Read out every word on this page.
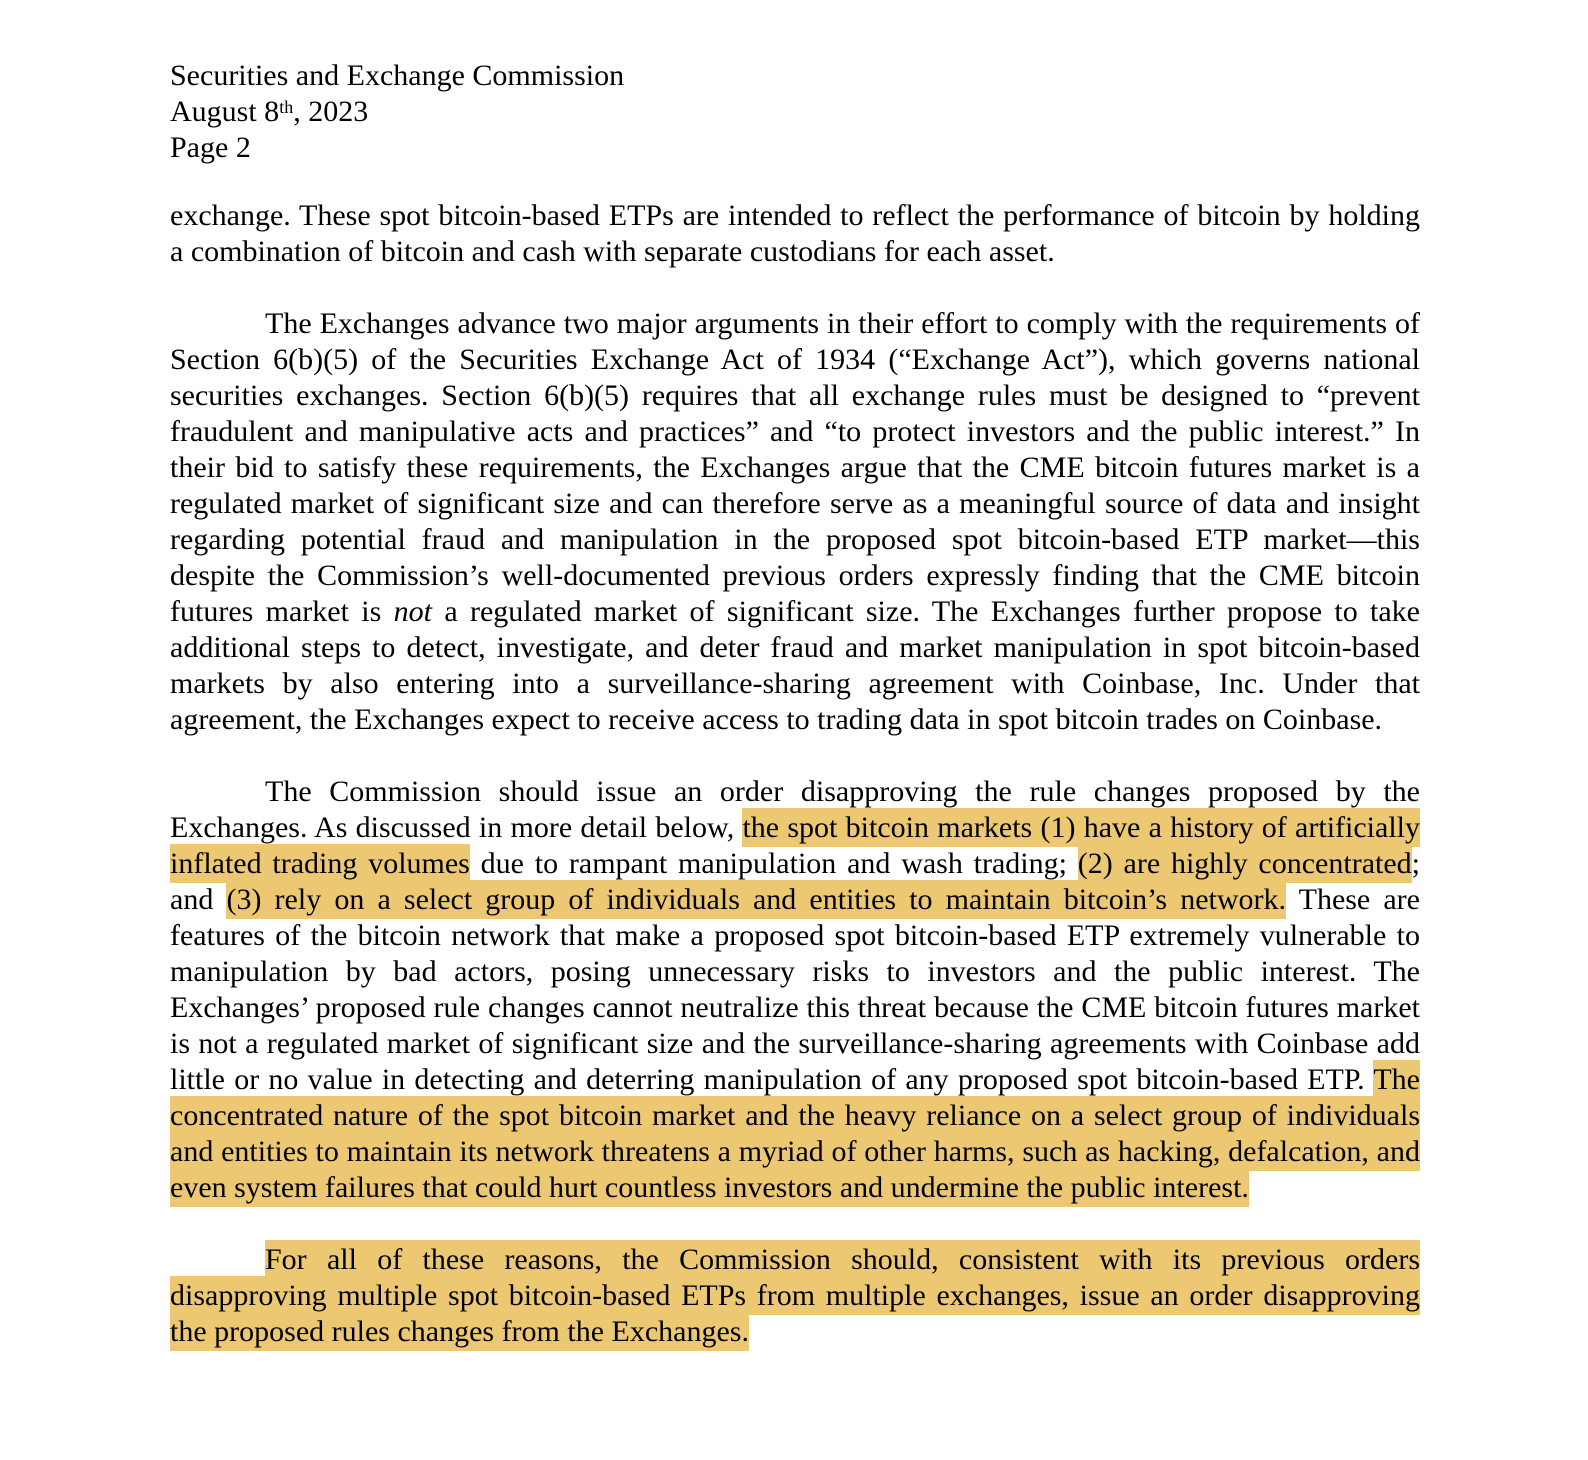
Securities and Exchange Commission
August 8th, 2023
Page 2

exchange. These spot bitcoin-based ETPs are intended to reflect the performance of bitcoin by holding a combination of bitcoin and cash with separate custodians for each asset.

The Exchanges advance two major arguments in their effort to comply with the requirements of Section 6(b)(5) of the Securities Exchange Act of 1934 (“Exchange Act”), which governs national securities exchanges. Section 6(b)(5) requires that all exchange rules must be designed to “prevent fraudulent and manipulative acts and practices” and “to protect investors and the public interest.” In their bid to satisfy these requirements, the Exchanges argue that the CME bitcoin futures market is a regulated market of significant size and can therefore serve as a meaningful source of data and insight regarding potential fraud and manipulation in the proposed spot bitcoin-based ETP market—this despite the Commission’s well-documented previous orders expressly finding that the CME bitcoin futures market is not a regulated market of significant size. The Exchanges further propose to take additional steps to detect, investigate, and deter fraud and market manipulation in spot bitcoin-based markets by also entering into a surveillance-sharing agreement with Coinbase, Inc. Under that agreement, the Exchanges expect to receive access to trading data in spot bitcoin trades on Coinbase.

The Commission should issue an order disapproving the rule changes proposed by the Exchanges. As discussed in more detail below, the spot bitcoin markets (1) have a history of artificially inflated trading volumes due to rampant manipulation and wash trading; (2) are highly concentrated; and (3) rely on a select group of individuals and entities to maintain bitcoin’s network. These are features of the bitcoin network that make a proposed spot bitcoin-based ETP extremely vulnerable to manipulation by bad actors, posing unnecessary risks to investors and the public interest. The Exchanges’ proposed rule changes cannot neutralize this threat because the CME bitcoin futures market is not a regulated market of significant size and the surveillance-sharing agreements with Coinbase add little or no value in detecting and deterring manipulation of any proposed spot bitcoin-based ETP. The concentrated nature of the spot bitcoin market and the heavy reliance on a select group of individuals and entities to maintain its network threatens a myriad of other harms, such as hacking, defalcation, and even system failures that could hurt countless investors and undermine the public interest.

For all of these reasons, the Commission should, consistent with its previous orders disapproving multiple spot bitcoin-based ETPs from multiple exchanges, issue an order disapproving the proposed rules changes from the Exchanges.
